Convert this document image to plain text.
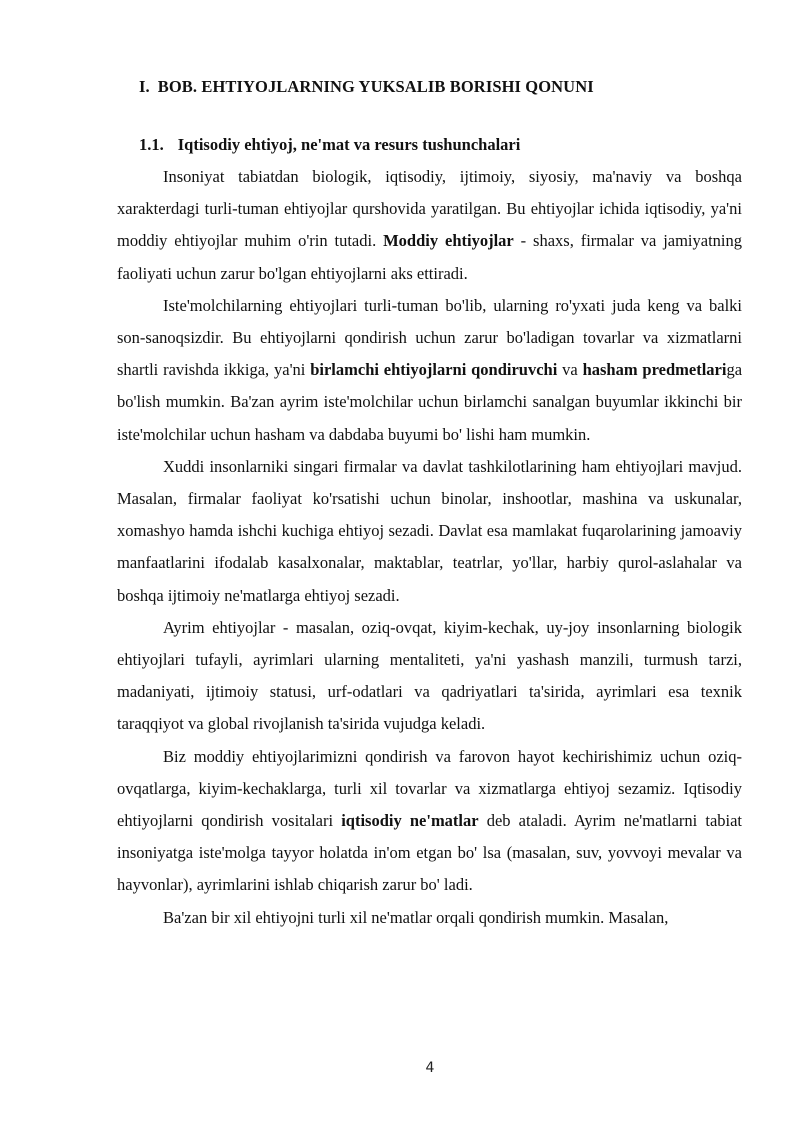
I. BOB. EHTIYOJLARNING YUKSALIB BORISHI QONUNI
1.1. Iqtisodiy ehtiyoj, ne'mat va resurs tushunchalari

Insoniyat tabiatdan biologik, iqtisodiy, ijtimoiy, siyosiy, ma'naviy va boshqa xarakterdagi turli-tuman ehtiyojlar qurshovida yaratilgan. Bu ehtiyojlar ichida iqtisodiy, ya'ni moddiy ehtiyojlar muhim o'rin tutadi. Moddiy ehtiyojlar - shaxs, firmalar va jamiyatning faoliyati uchun zarur bo'lgan ehtiyojlarni aks ettiradi.

Iste'molchilarning ehtiyojlari turli-tuman bo'lib, ularning ro'yxati juda keng va balki son-sanoqsizdir. Bu ehtiyojlarni qondirish uchun zarur bo'ladigan tovarlar va xizmatlarni shartli ravishda ikkiga, ya'ni birlamchi ehtiyojlarni qondiruvchi va hasham predmetlariga bo'lish mumkin. Ba'zan ayrim iste'molchilar uchun birlamchi sanalgan buyumlar ikkinchi bir iste'molchilar uchun hasham va dabdaba buyumi bo' lishi ham mumkin.

Xuddi insonlarniki singari firmalar va davlat tashkilotlarining ham ehtiyojlari mavjud. Masalan, firmalar faoliyat ko'rsatishi uchun binolar, inshootlar, mashina va uskunalar, xomashyo hamda ishchi kuchiga ehtiyoj sezadi. Davlat esa mamlakat fuqarolarining jamoaviy manfaatlarini ifodalab kasalxonalar, maktablar, teatrlar, yo'llar, harbiy qurol-aslahalar va boshqa ijtimoiy ne'matlarga ehtiyoj sezadi.

Ayrim ehtiyojlar - masalan, oziq-ovqat, kiyim-kechak, uy-joy insonlarning biologik ehtiyojlari tufayli, ayrimlari ularning mentaliteti, ya'ni yashash manzili, turmush tarzi, madaniyati, ijtimoiy statusi, urf-odatlari va qadriyatlari ta'sirida, ayrimlari esa texnik taraqqiyot va global rivojlanish ta'sirida vujudga keladi.

Biz moddiy ehtiyojlarimizni qondirish va farovon hayot kechirishimiz uchun oziq-ovqatlarga, kiyim-kechaklarga, turli xil tovarlar va xizmatlarga ehtiyoj sezamiz. Iqtisodiy ehtiyojlarni qondirish vositalari iqtisodiy ne'matlar deb ataladi. Ayrim ne'matlarni tabiat insoniyatga iste'molga tayyor holatda in'om etgan bo' lsa (masalan, suv, yovvoyi mevalar va hayvonlar), ayrimlarini ishlab chiqarish zarur bo' ladi.

Ba'zan bir xil ehtiyojni turli xil ne'matlar orqali qondirish mumkin. Masalan,

4
